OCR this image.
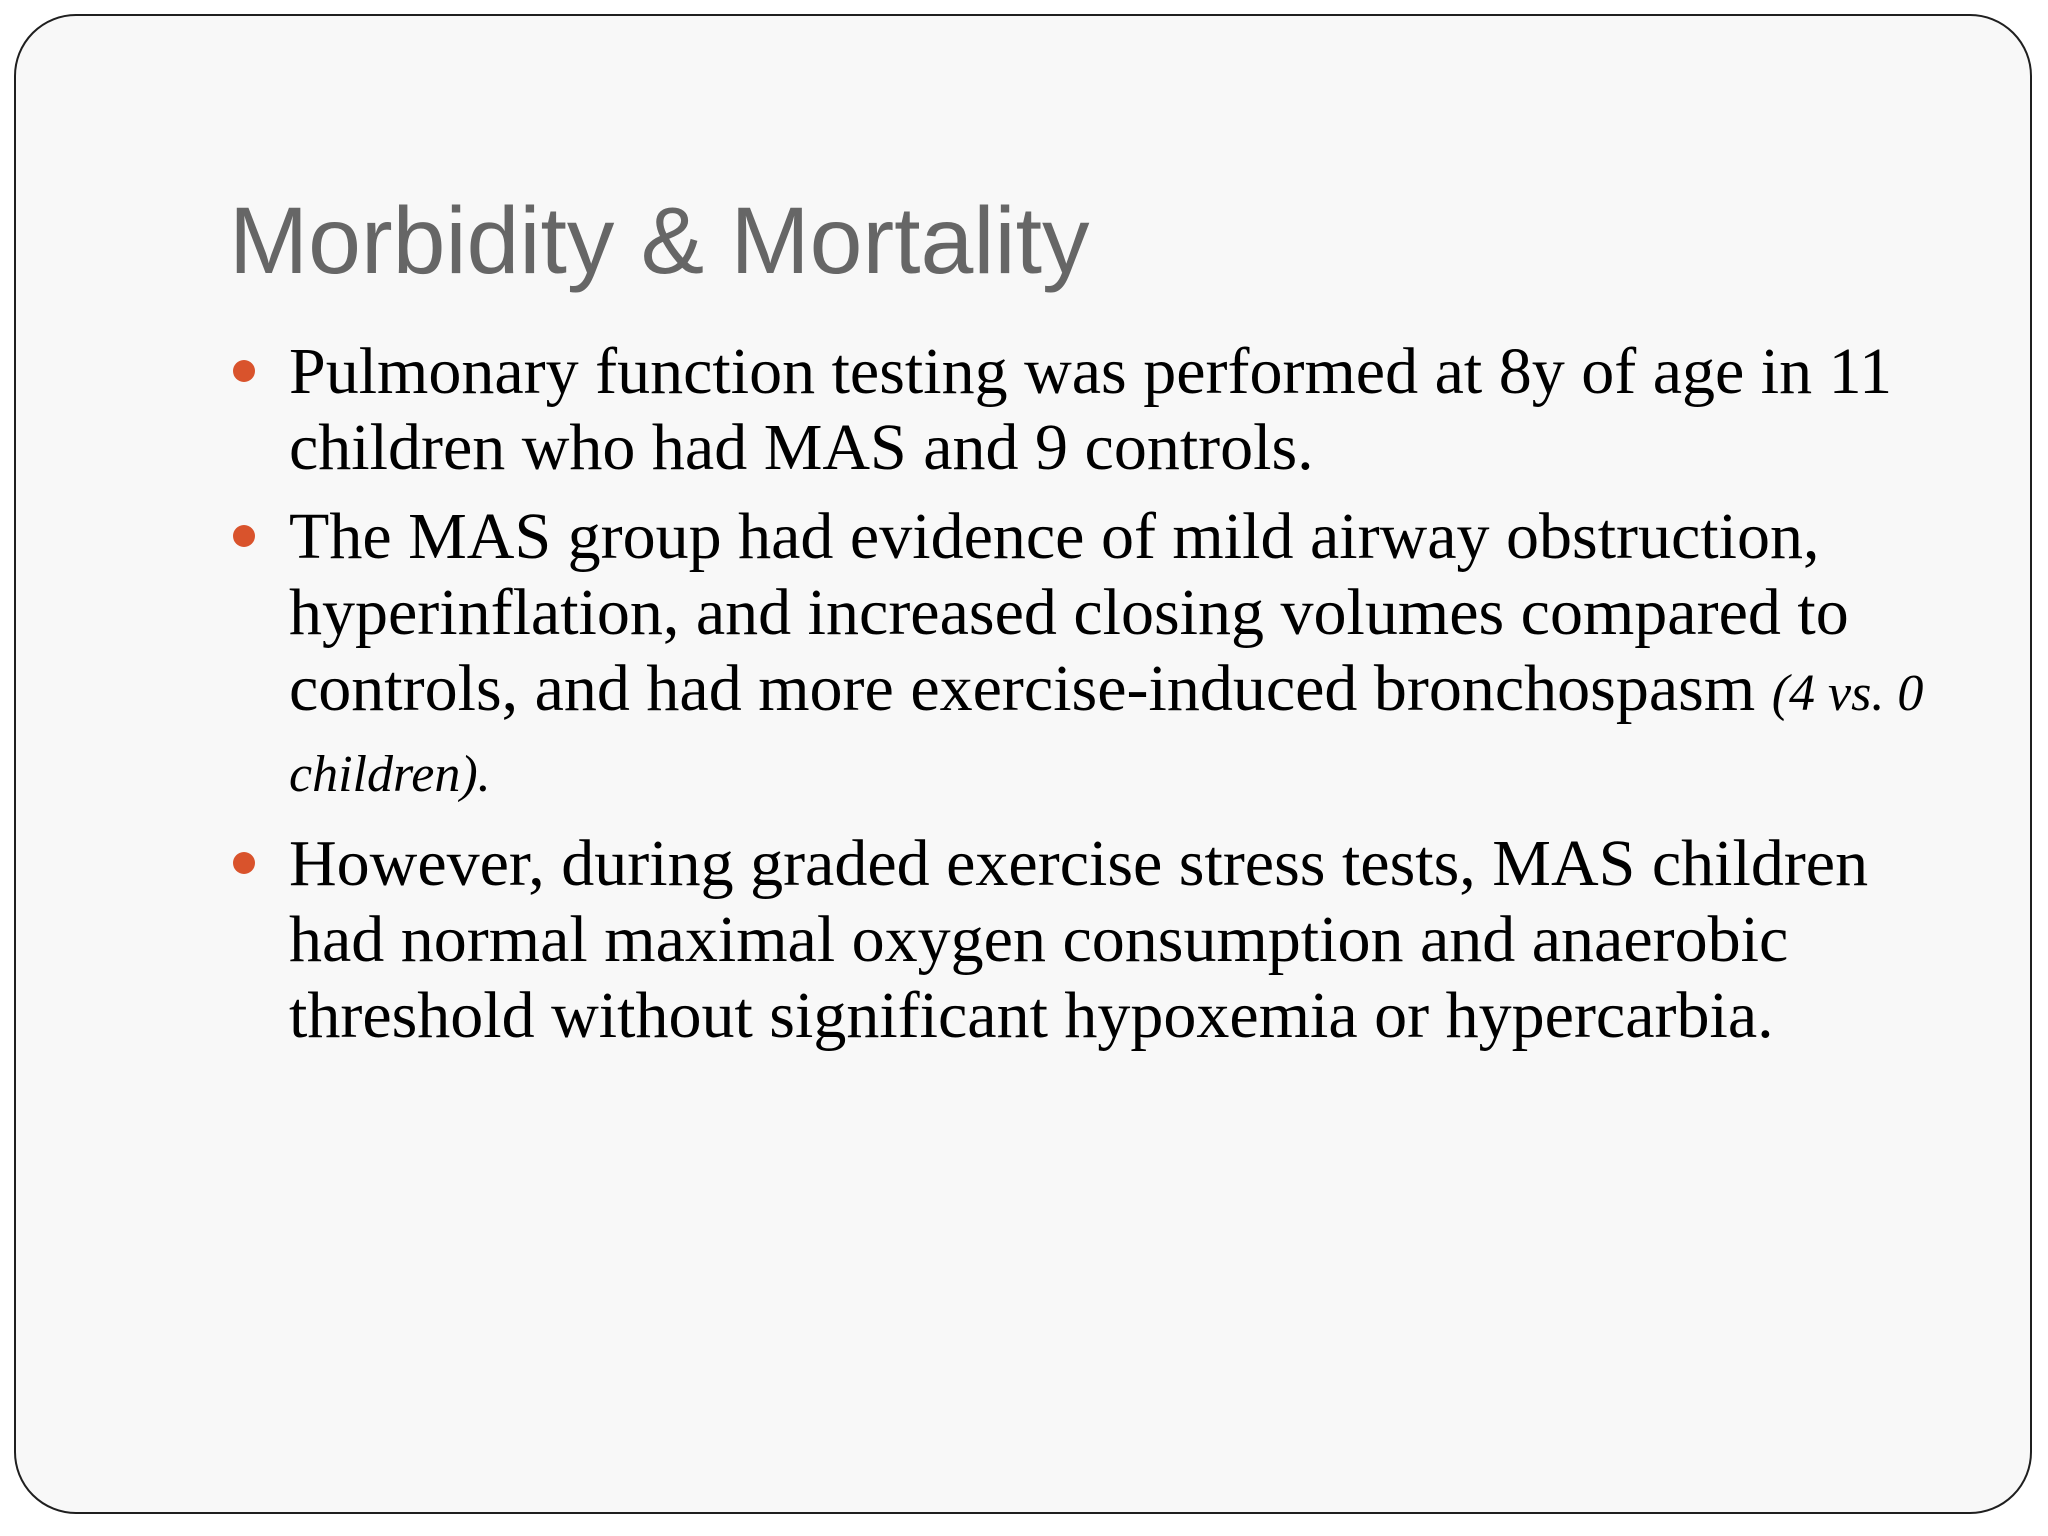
Morbidity & Mortality
Pulmonary function testing was performed at 8y of age in 11 children who had MAS and 9 controls.
The MAS group had evidence of mild airway obstruction, hyperinflation, and increased closing volumes compared to controls, and had more exercise-induced bronchospasm (4 vs. 0 children).
However, during graded exercise stress tests, MAS children had normal maximal oxygen consumption and anaerobic threshold without significant hypoxemia or hypercarbia.
